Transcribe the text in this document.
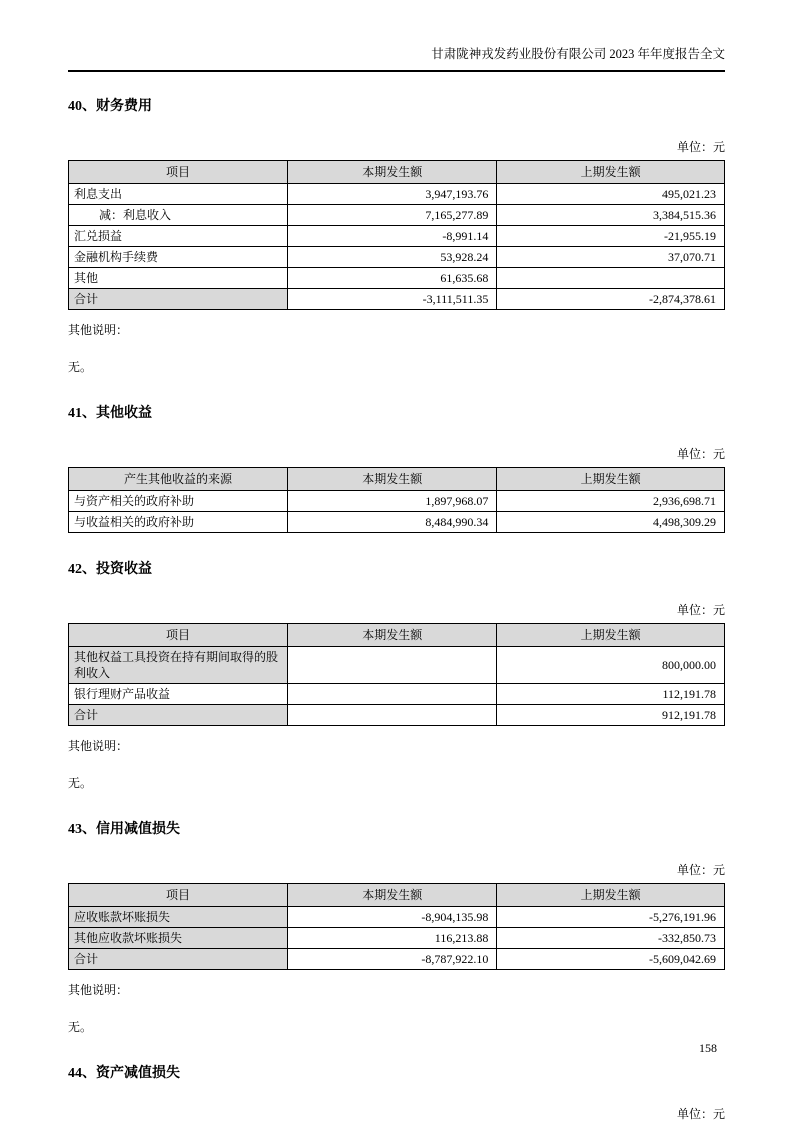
甘肃陇神戎发药业股份有限公司 2023 年年度报告全文
40、财务费用
单位：元
项目	本期发生额	上期发生额
利息支出	3,947,193.76	495,021.23
减：利息收入	7,165,277.89	3,384,515.36
汇兑损益	-8,991.14	-21,955.19
金融机构手续费	53,928.24	37,070.71
其他	61,635.68	
合计	-3,111,511.35	-2,874,378.61
其他说明：
无。
41、其他收益
单位：元
产生其他收益的来源	本期发生额	上期发生额
与资产相关的政府补助	1,897,968.07	2,936,698.71
与收益相关的政府补助	8,484,990.34	4,498,309.29
42、投资收益
单位：元
项目	本期发生额	上期发生额
其他权益工具投资在持有期间取得的股利收入		800,000.00
银行理财产品收益		112,191.78
合计		912,191.78
其他说明：
无。
43、信用减值损失
单位：元
项目	本期发生额	上期发生额
应收账款坏账损失	-8,904,135.98	-5,276,191.96
其他应收款坏账损失	116,213.88	-332,850.73
合计	-8,787,922.10	-5,609,042.69
其他说明：
无。
44、资产减值损失
单位：元
158
